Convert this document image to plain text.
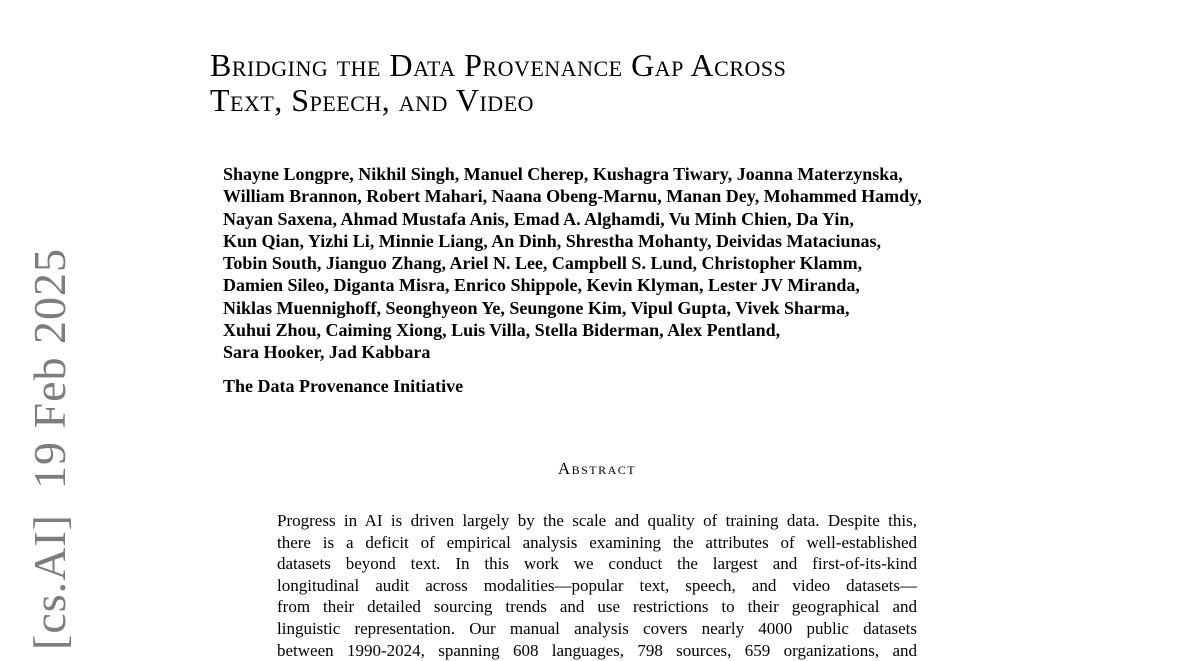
[cs.AI]  19 Feb 2025
Bridging the Data Provenance Gap Across
Text, Speech, and Video
Shayne Longpre, Nikhil Singh, Manuel Cherep, Kushagra Tiwary, Joanna Materzynska,
William Brannon, Robert Mahari, Naana Obeng-Marnu, Manan Dey, Mohammed Hamdy,
Nayan Saxena, Ahmad Mustafa Anis, Emad A. Alghamdi, Vu Minh Chien, Da Yin,
Kun Qian, Yizhi Li, Minnie Liang, An Dinh, Shrestha Mohanty, Deividas Mataciunas,
Tobin South, Jianguo Zhang, Ariel N. Lee, Campbell S. Lund, Christopher Klamm,
Damien Sileo, Diganta Misra, Enrico Shippole, Kevin Klyman, Lester JV Miranda,
Niklas Muennighoff, Seonghyeon Ye, Seungone Kim, Vipul Gupta, Vivek Sharma,
Xuhui Zhou, Caiming Xiong, Luis Villa, Stella Biderman, Alex Pentland,
Sara Hooker, Jad Kabbara
The Data Provenance Initiative
Abstract
Progress in AI is driven largely by the scale and quality of training data. Despite this,
there is a deficit of empirical analysis examining the attributes of well-established
datasets beyond text. In this work we conduct the largest and first-of-its-kind
longitudinal audit across modalities—popular text, speech, and video datasets—
from their detailed sourcing trends and use restrictions to their geographical and
linguistic representation. Our manual analysis covers nearly 4000 public datasets
between 1990-2024, spanning 608 languages, 798 sources, 659 organizations, and
